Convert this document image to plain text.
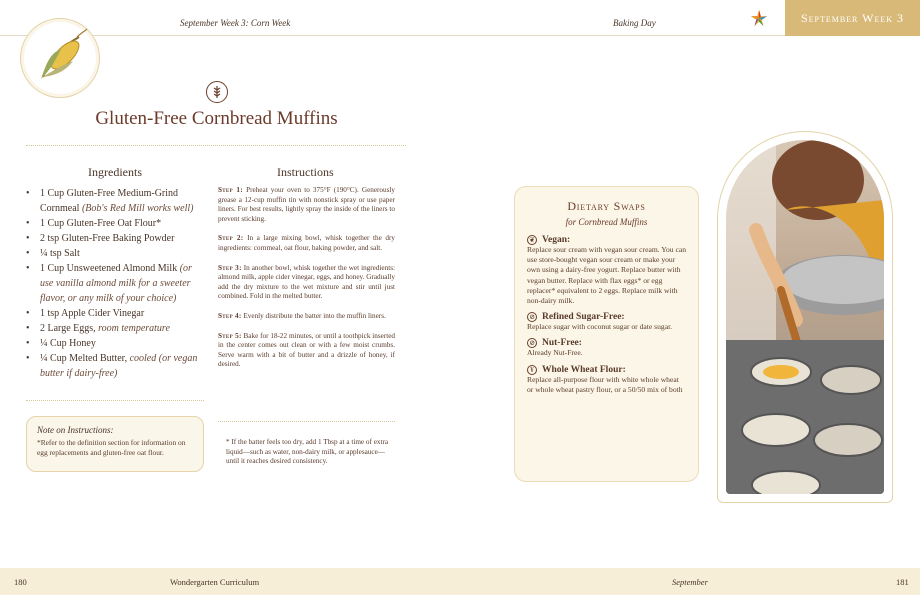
September Week 3: Corn Week	Baking Day	September Week 3
Gluten-Free Cornbread Muffins
Ingredients
• 1 Cup Gluten-Free Medium-Grind Cornmeal (Bob's Red Mill works well)
• 1 Cup Gluten-Free Oat Flour*
• 2 tsp Gluten-Free Baking Powder
• ¼ tsp Salt
• 1 Cup Unsweetened Almond Milk (or use vanilla almond milk for a sweeter flavor, or any milk of your choice)
• 1 tsp Apple Cider Vinegar
• 2 Large Eggs, room temperature
• ¼ Cup Honey
• ¼ Cup Melted Butter, cooled (or vegan butter if dairy-free)
Note on Instructions:
*Refer to the definition section for information on egg replacements and gluten-free oat flour.
Instructions

Step 1: Preheat your oven to 375°F (190°C). Generously grease a 12-cup muffin tin with nonstick spray or use paper liners. For best results, lightly spray the inside of the liners to prevent sticking.

Step 2: In a large mixing bowl, whisk together the dry ingredients: cornmeal, oat flour, baking powder, and salt.

Step 3: In another bowl, whisk together the wet ingredients: almond milk, apple cider vinegar, eggs, and honey. Gradually add the dry mixture to the wet mixture and stir until just combined. Fold in the melted butter.

Step 4: Evenly distribute the batter into the muffin liners.

Step 5: Bake for 18-22 minutes, or until a toothpick inserted in the center comes out clean or with a few moist crumbs. Serve warm with a bit of butter and a drizzle of honey, if desired.

* If the batter feels too dry, add 1 Tbsp at a time of extra liquid—such as water, non-dairy milk, or applesauce—until it reaches desired consistency.
Dietary Swaps
for Cornbread Muffins
❦ Vegan:
Replace sour cream with vegan sour cream. You can use store-bought vegan sour cream or make your own using a dairy-free yogurt. Replace butter with vegan butter. Replace with flax eggs* or egg replacer* equivalent to 2 eggs. Replace milk with non-dairy milk.
⊘ Refined Sugar-Free:
Replace sugar with coconut sugar or date sugar.
⊘ Nut-Free:
Already Nut-Free.
¥ Whole Wheat Flour:
Replace all-purpose flour with white whole wheat or whole wheat pastry flour, or a 50/50 mix of both
180	Wondergarten Curriculum	September	181
